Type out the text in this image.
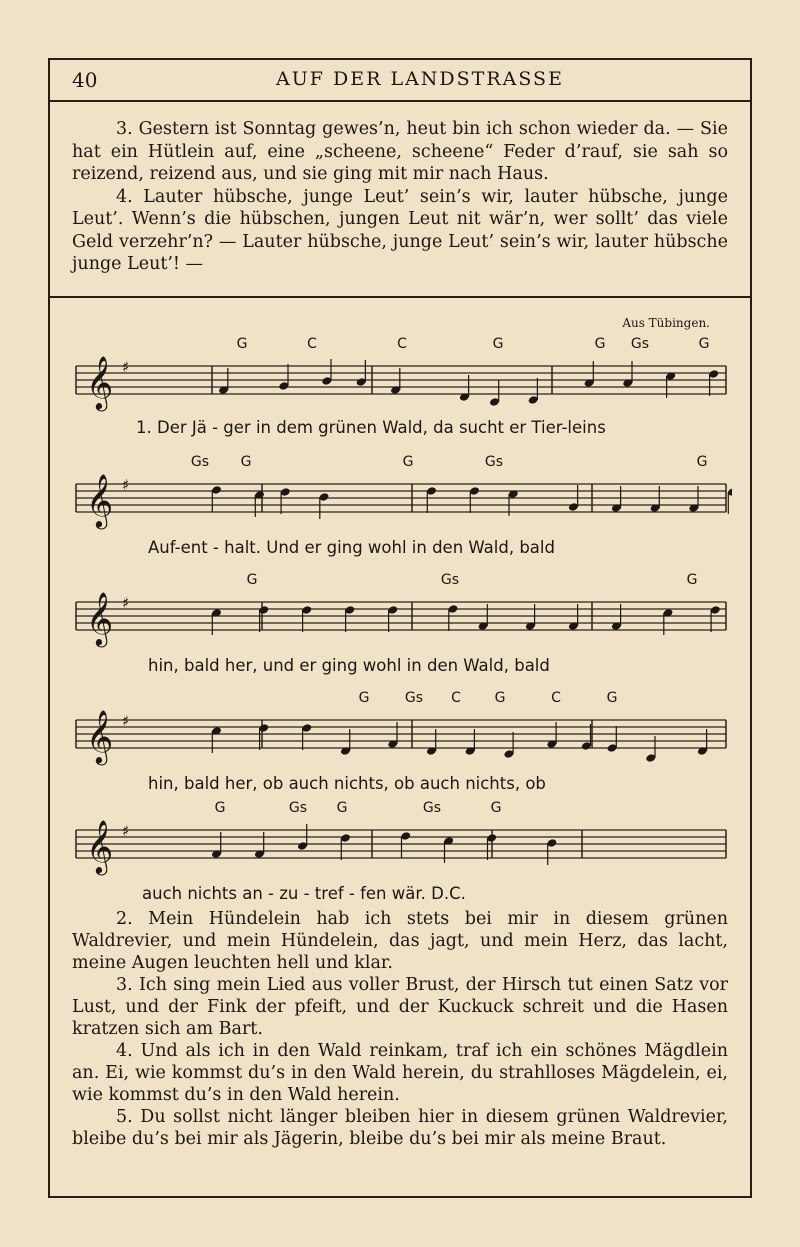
40	AUF DER LANDSTRASSE

3. Gestern ist Sonntag gewes’n, heut bin ich schon wieder da. — Sie hat ein Hütlein auf, eine „scheene, scheene“ Feder d’rauf, sie sah so reizend, reizend aus, und sie ging mit mir nach Haus.

4. Lauter hübsche, junge Leut’ sein’s wir, lauter hübsche, junge Leut’. Wenn’s die hübschen, jungen Leut nit wär’n, wer sollt’ das viele Geld verzehr’n? — Lauter hübsche, junge Leut’ sein’s wir, lauter hübsche junge Leut’! —

Aus Tübingen.
G	C	C	G	G Gs	G
𝄞 ♯
1. Der Jä - ger in dem grünen Wald, da sucht er Tier-leins
Gs G	G	Gs	G
𝄞 ♯
Auf-ent - halt. Und er ging wohl in den Wald, bald
G	Gs	G
𝄞 ♯
hin, bald her, und er ging wohl in den Wald, bald
G	Gs C G	C	G
𝄞 ♯
hin, bald her, ob auch nichts, ob auch nichts, ob
G	Gs G	Gs	G
𝄞 ♯
auch nichts an - zu - tref - fen wär. D.C.

2. Mein Hündelein hab ich stets bei mir in diesem grünen Waldrevier, und mein Hündelein, das jagt, und mein Herz, das lacht, meine Augen leuchten hell und klar.

3. Ich sing mein Lied aus voller Brust, der Hirsch tut einen Satz vor Lust, und der Fink der pfeift, und der Kuckuck schreit und die Hasen kratzen sich am Bart.

4. Und als ich in den Wald reinkam, traf ich ein schönes Mägdlein an. Ei, wie kommst du’s in den Wald herein, du strahlloses Mägdelein, ei, wie kommst du’s in den Wald herein.

5. Du sollst nicht länger bleiben hier in diesem grünen Waldrevier, bleibe du’s bei mir als Jägerin, bleibe du’s bei mir als meine Braut.
